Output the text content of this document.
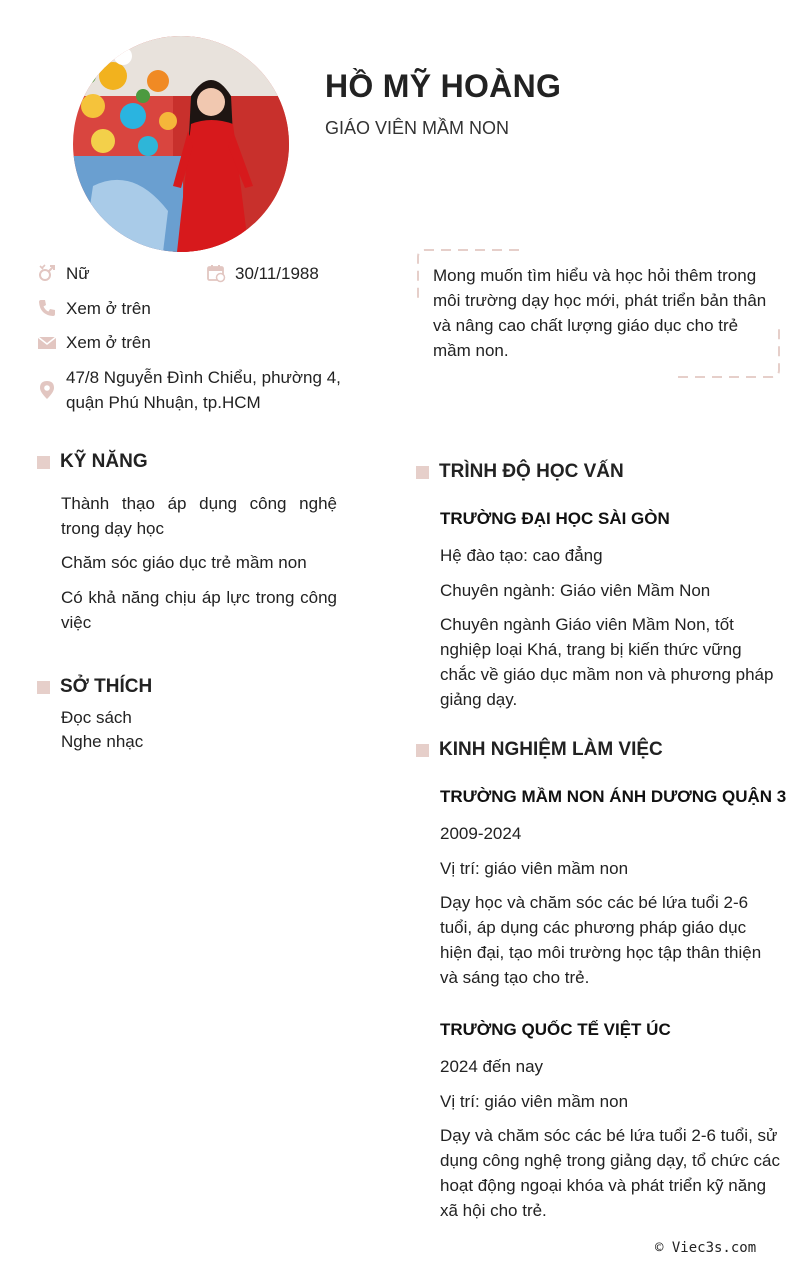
HỒ MỸ HOÀNG
GIÁO VIÊN MẦM NON
Nữ	30/11/1988
Xem ở trên
Xem ở trên
47/8 Nguyễn Đình Chiểu, phường 4,
quận Phú Nhuận, tp.HCM

Mong muốn tìm hiểu và học hỏi thêm trong môi trường dạy học mới, phát triển bản thân và nâng cao chất lượng giáo dục cho trẻ mầm non.

KỸ NĂNG
Thành thạo áp dụng công nghệ trong dạy học
Chăm sóc giáo dục trẻ mầm non
Có khả năng chịu áp lực trong công việc
SỞ THÍCH
Đọc sách
Nghe nhạc
TRÌNH ĐỘ HỌC VẤN
TRƯỜNG ĐẠI HỌC SÀI GÒN
Hệ đào tạo: cao đẳng
Chuyên ngành: Giáo viên Mầm Non
Chuyên ngành Giáo viên Mầm Non, tốt nghiệp loại Khá, trang bị kiến thức vững chắc về giáo dục mầm non và phương pháp giảng dạy.
KINH NGHIỆM LÀM VIỆC
TRƯỜNG MẦM NON ÁNH DƯƠNG QUẬN 3
2009-2024
Vị trí: giáo viên mầm non
Dạy học và chăm sóc các bé lứa tuổi 2-6 tuổi, áp dụng các phương pháp giáo dục hiện đại, tạo môi trường học tập thân thiện và sáng tạo cho trẻ.
TRƯỜNG QUỐC TẾ VIỆT ÚC
2024 đến nay
Vị trí: giáo viên mầm non
Dạy và chăm sóc các bé lứa tuổi 2-6 tuổi, sử dụng công nghệ trong giảng dạy, tổ chức các hoạt động ngoại khóa và phát triển kỹ năng xã hội cho trẻ.
© Viec3s.com
